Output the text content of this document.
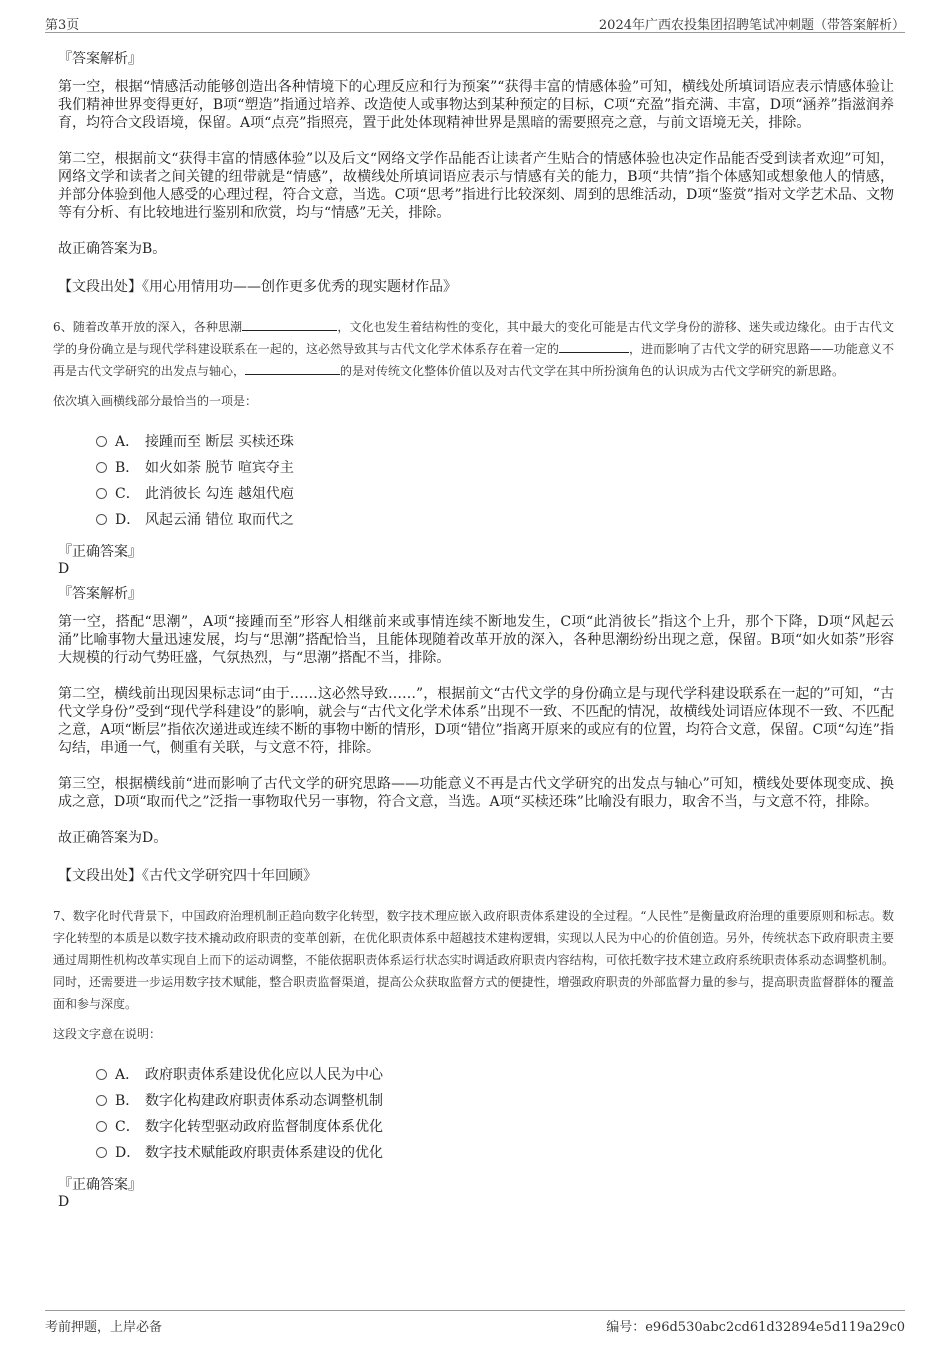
第3页	2024年广西农投集团招聘笔试冲刺题（带答案解析）
『答案解析』

第一空，根据“情感活动能够创造出各种情境下的心理反应和行为预案”“获得丰富的情感体验”可知，横线处所填词语应表示情感体验让我们精神世界变得更好，B项“塑造”指通过培养、改造使人或事物达到某种预定的目标，C项“充盈”指充满、丰富，D项“涵养”指滋润养育，均符合文段语境，保留。A项“点亮”指照亮，置于此处体现精神世界是黑暗的需要照亮之意，与前文语境无关，排除。

第二空，根据前文“获得丰富的情感体验”以及后文“网络文学作品能否让读者产生贴合的情感体验也决定作品能否受到读者欢迎”可知，网络文学和读者之间关键的纽带就是“情感”，故横线处所填词语应表示与情感有关的能力，B项“共情”指个体感知或想象他人的情感，并部分体验到他人感受的心理过程，符合文意，当选。C项“思考”指进行比较深刻、周到的思维活动，D项“鉴赏”指对文学艺术品、文物等有分析、有比较地进行鉴别和欣赏，均与“情感”无关，排除。

故正确答案为B。

【文段出处】《用心用情用功——创作更多优秀的现实题材作品》

6、随着改革开放的深入，各种思潮	，文化也发生着结构性的变化，其中最大的变化可能是古代文学身份的游移、迷失或边缘化。由于古代文学的身份确立是与现代学科建设联系在一起的，这必然导致其与古代文化学术体系存在着一定的	，进而影响了古代文学的研究思路——功能意义不再是古代文学研究的出发点与轴心，	的是对传统文化整体价值以及对古代文学在其中所扮演角色的认识成为古代文学研究的新思路。

依次填入画横线部分最恰当的一项是：

A． 接踵而至 断层 买椟还珠
B． 如火如荼 脱节 喧宾夺主
C． 此消彼长 勾连 越俎代庖
D． 风起云涌 错位 取而代之
『正确答案』
D
『答案解析』

第一空，搭配“思潮”，A项“接踵而至”形容人相继前来或事情连续不断地发生，C项“此消彼长”指这个上升，那个下降，D项“风起云涌”比喻事物大量迅速发展，均与“思潮”搭配恰当，且能体现随着改革开放的深入，各种思潮纷纷出现之意，保留。B项“如火如荼”形容大规模的行动气势旺盛，气氛热烈，与“思潮”搭配不当，排除。

第二空，横线前出现因果标志词“由于……这必然导致……”，根据前文“古代文学的身份确立是与现代学科建设联系在一起的”可知，“古代文学身份”受到“现代学科建设”的影响，就会与“古代文化学术体系”出现不一致、不匹配的情况，故横线处词语应体现不一致、不匹配之意，A项“断层”指依次递进或连续不断的事物中断的情形，D项“错位”指离开原来的或应有的位置，均符合文意，保留。C项“勾连”指勾结，串通一气，侧重有关联，与文意不符，排除。

第三空，根据横线前“进而影响了古代文学的研究思路——功能意义不再是古代文学研究的出发点与轴心”可知，横线处要体现变成、换成之意，D项“取而代之”泛指一事物取代另一事物，符合文意，当选。A项“买椟还珠”比喻没有眼力，取舍不当，与文意不符，排除。

故正确答案为D。

【文段出处】《古代文学研究四十年回顾》

7、数字化时代背景下，中国政府治理机制正趋向数字化转型，数字技术理应嵌入政府职责体系建设的全过程。“人民性”是衡量政府治理的重要原则和标志。数字化转型的本质是以数字技术撬动政府职责的变革创新，在优化职责体系中超越技术建构逻辑，实现以人民为中心的价值创造。另外，传统状态下政府职责主要通过周期性机构改革实现自上而下的运动调整，不能依据职责体系运行状态实时调适政府职责内容结构，可依托数字技术建立政府系统职责体系动态调整机制。同时，还需要进一步运用数字技术赋能，整合职责监督渠道，提高公众获取监督方式的便捷性，增强政府职责的外部监督力量的参与，提高职责监督群体的覆盖面和参与深度。

这段文字意在说明：

A． 政府职责体系建设优化应以人民为中心
B． 数字化构建政府职责体系动态调整机制
C． 数字化转型驱动政府监督制度体系优化
D． 数字技术赋能政府职责体系建设的优化
『正确答案』
D
考前押题，上岸必备	编号：e96d530abc2cd61d32894e5d119a29c0
